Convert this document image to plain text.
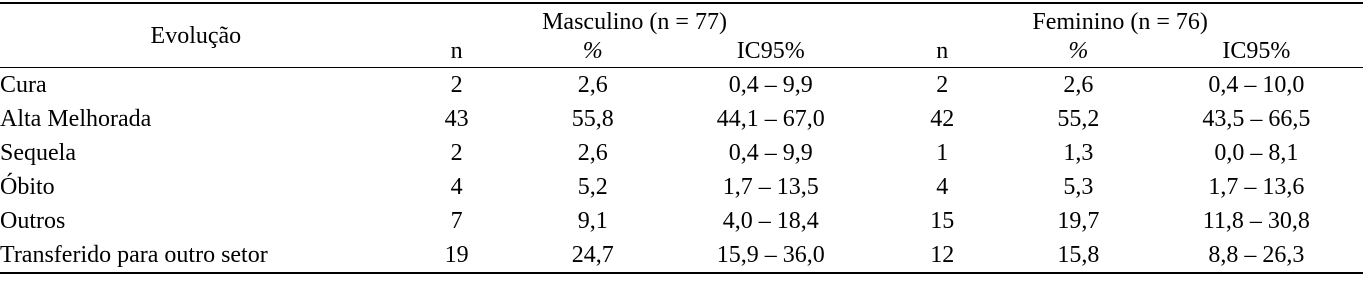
Evolução	Masculino (n = 77)			Feminino (n = 76)		
	n	%	IC95%	n	%	IC95%
Cura	2	2,6	0,4 – 9,9	2	2,6	0,4 – 10,0
Alta Melhorada	43	55,8	44,1 – 67,0	42	55,2	43,5 – 66,5
Sequela	2	2,6	0,4 – 9,9	1	1,3	0,0 – 8,1
Óbito	4	5,2	1,7 – 13,5	4	5,3	1,7 – 13,6
Outros	7	9,1	4,0 – 18,4	15	19,7	11,8 – 30,8
Transferido para outro setor	19	24,7	15,9 – 36,0	12	15,8	8,8 – 26,3
